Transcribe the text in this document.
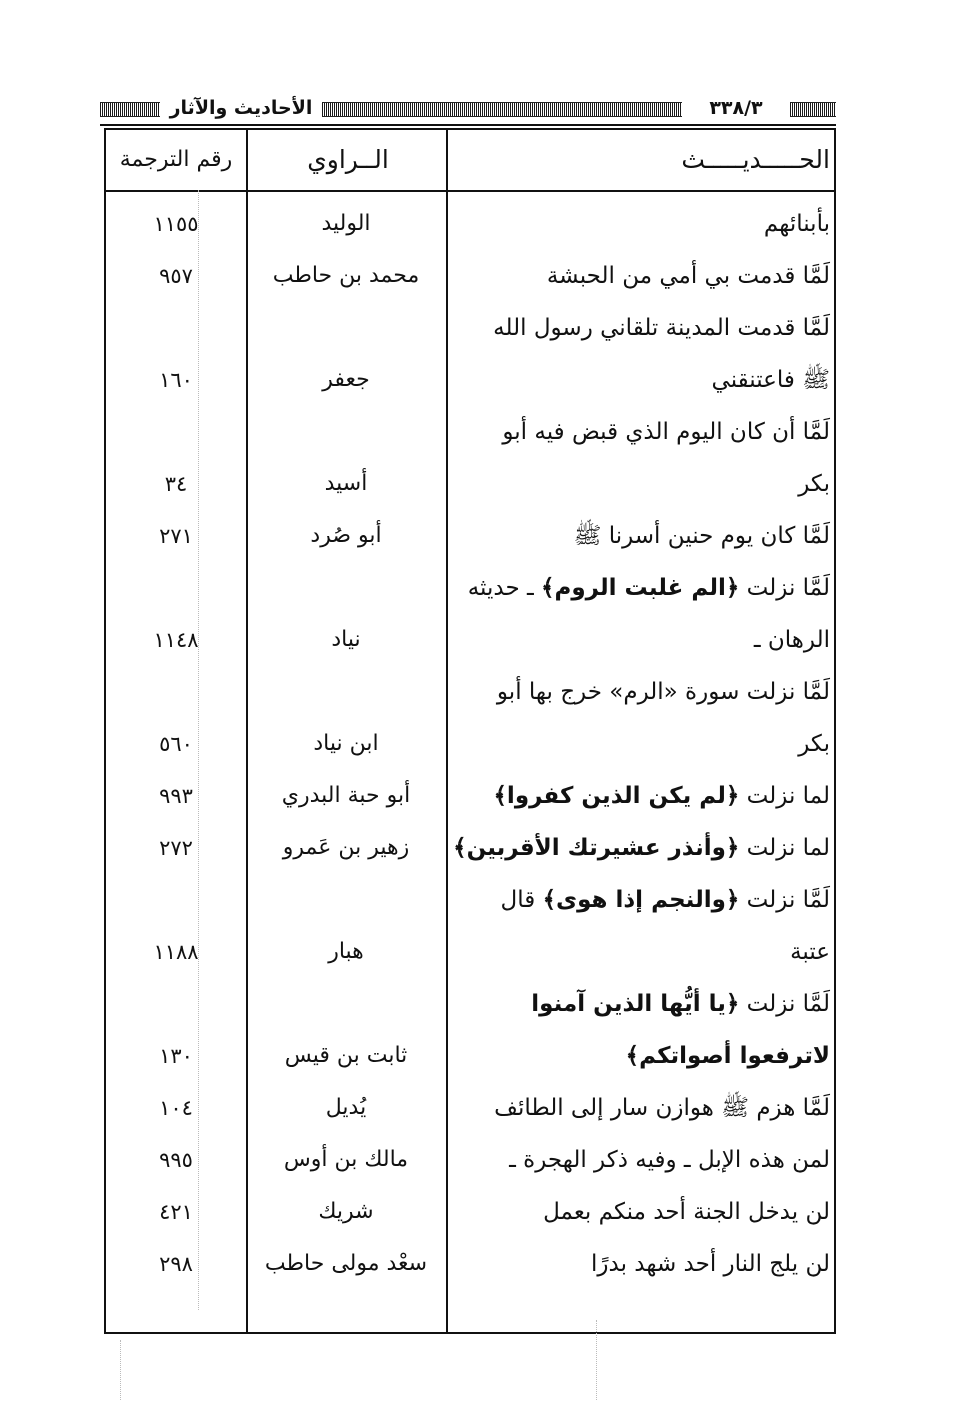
الأحاديث والآثار	٣٣٨/٣
الحـــــديـــــث
الــراوي
رقم الترجمة
بأبنائهم
الوليد
١١٥٥
لَمَّا قدمت بي أمي من الحبشة
محمد بن حاطب
٩٥٧
لَمَّا قدمت المدينة تلقاني رسول الله
ﷺ فاعتنقني
جعفر
١٦٠
لَمَّا أن كان اليوم الذي قبض فيه أبو
بكر
أسيد
٣٤
لَمَّا كان يوم حنين أسرنا ﷺ
أبو صُرد
٢٧١
لَمَّا نزلت ﴿الم غلبت الروم﴾ ـ حديثه
الرهان ـ
نياد
١١٤٨
لَمَّا نزلت سورة «الرم» خرج بها أبو
بكر
ابن نياد
٥٦٠
لما نزلت ﴿لم يكن الذين كفروا﴾
أبو حبة البدري
٩٩٣
لما نزلت ﴿وأنذر عشيرتك الأقربين﴾
زهير بن عَمرو
٢٧٢
لَمَّا نزلت ﴿والنجم إذا هوى﴾ قال
عتبة
هبار
١١٨٨
لَمَّا نزلت ﴿يا أيُّها الذين آمنوا
لاترفعوا أصواتكم﴾
ثابت بن قيس
١٣٠
لَمَّا هزم ﷺ هوازن سار إلى الطائف
يُديل
١٠٤
لمن هذه الإبل ـ وفيه ذكر الهجرة ـ
مالك بن أوس
٩٩٥
لن يدخل الجنة أحد منكم بعمل
شريك
٤٢١
لن يلج النار أحد شهد بدرًا
سعْد مولى حاطب
٢٩٨
